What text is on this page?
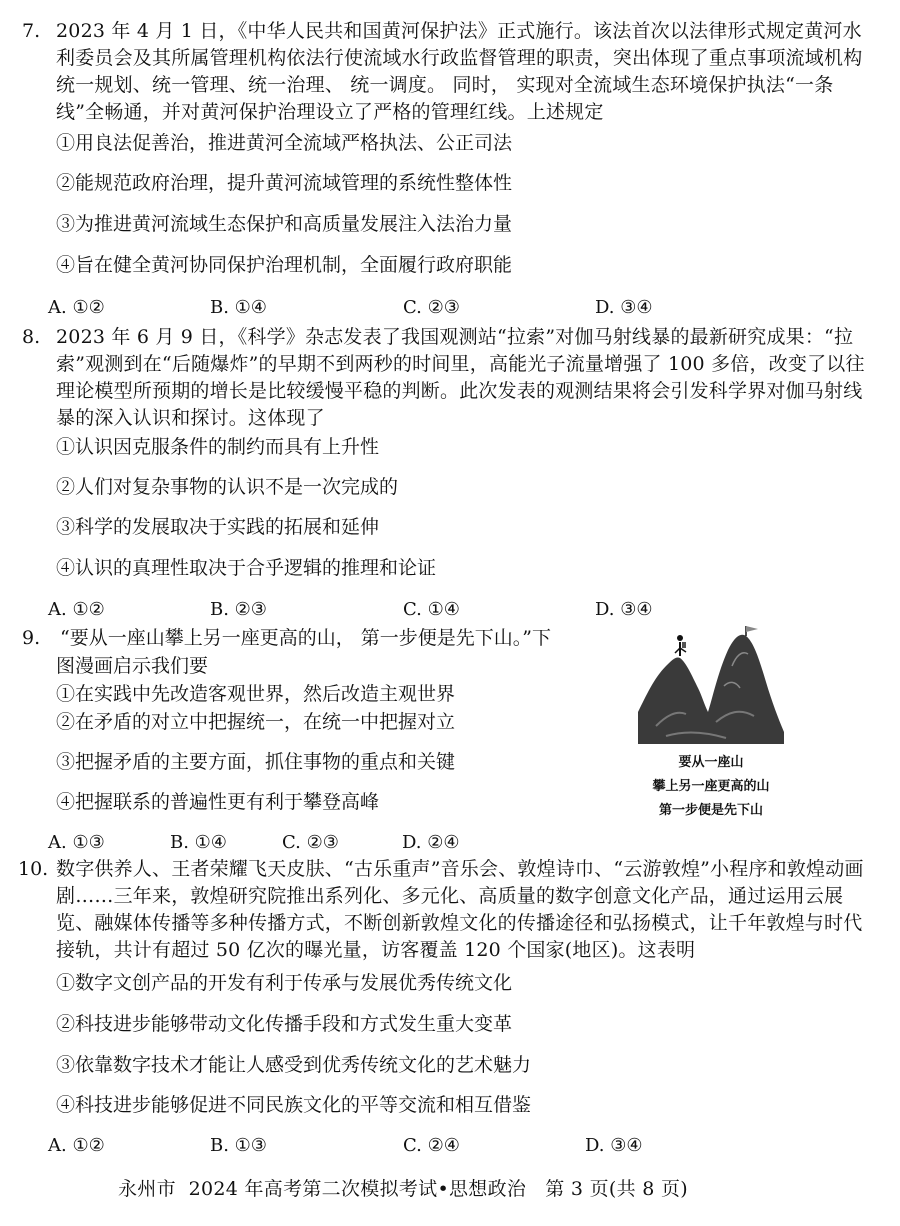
7. 2023 年 4 月 1 日，《中华人民共和国黄河保护法》正式施行。该法首次以法律形式规定黄河水利委员会及其所属管理机构依法行使流域水行政监督管理的职责，突出体现了重点事项流域机构统一规划、统一管理、统一治理、 统一调度。 同时， 实现对全流域生态环境保护执法“一条线”全畅通，并对黄河保护治理设立了严格的管理红线。上述规定
①用良法促善治，推进黄河全流域严格执法、公正司法
②能规范政府治理，提升黄河流域管理的系统性整体性
③为推进黄河流域生态保护和高质量发展注入法治力量
④旨在健全黄河协同保护治理机制，全面履行政府职能
A. ①②	B. ①④	C. ②③	D. ③④
8. 2023 年 6 月 9 日，《科学》杂志发表了我国观测站“拉索”对伽马射线暴的最新研究成果：“拉索”观测到在“后随爆炸”的早期不到两秒的时间里，高能光子流量增强了 100 多倍，改变了以往理论模型所预期的增长是比较缓慢平稳的判断。此次发表的观测结果将会引发科学界对伽马射线暴的深入认识和探讨。这体现了
①认识因克服条件的制约而具有上升性
②人们对复杂事物的认识不是一次完成的
③科学的发展取决于实践的拓展和延伸
④认识的真理性取决于合乎逻辑的推理和论证
A. ①②	B. ②③	C. ①④	D. ③④
9. “要从一座山攀上另一座更高的山， 第一步便是先下山。”下
图漫画启示我们要
①在实践中先改造客观世界，然后改造主观世界
②在矛盾的对立中把握统一，在统一中把握对立
③把握矛盾的主要方面，抓住事物的重点和关键
④把握联系的普遍性更有利于攀登高峰
A. ①③	B. ①④	C. ②③	D. ②④
要从一座山
攀上另一座更高的山
第一步便是先下山
10. 数字供养人、王者荣耀飞天皮肤、“古乐重声”音乐会、敦煌诗巾、“云游敦煌”小程序和敦煌动画剧……三年来，敦煌研究院推出系列化、多元化、高质量的数字创意文化产品，通过运用云展览、融媒体传播等多种传播方式，不断创新敦煌文化的传播途径和弘扬模式，让千年敦煌与时代接轨，共计有超过 50 亿次的曝光量，访客覆盖 120 个国家(地区)。这表明
①数字文创产品的开发有利于传承与发展优秀传统文化
②科技进步能够带动文化传播手段和方式发生重大变革
③依靠数字技术才能让人感受到优秀传统文化的艺术魅力
④科技进步能够促进不同民族文化的平等交流和相互借鉴
A. ①②	B. ①③	C. ②④	D. ③④
永州市  2024 年高考第二次模拟考试•思想政治   第 3 页(共 8 页)
